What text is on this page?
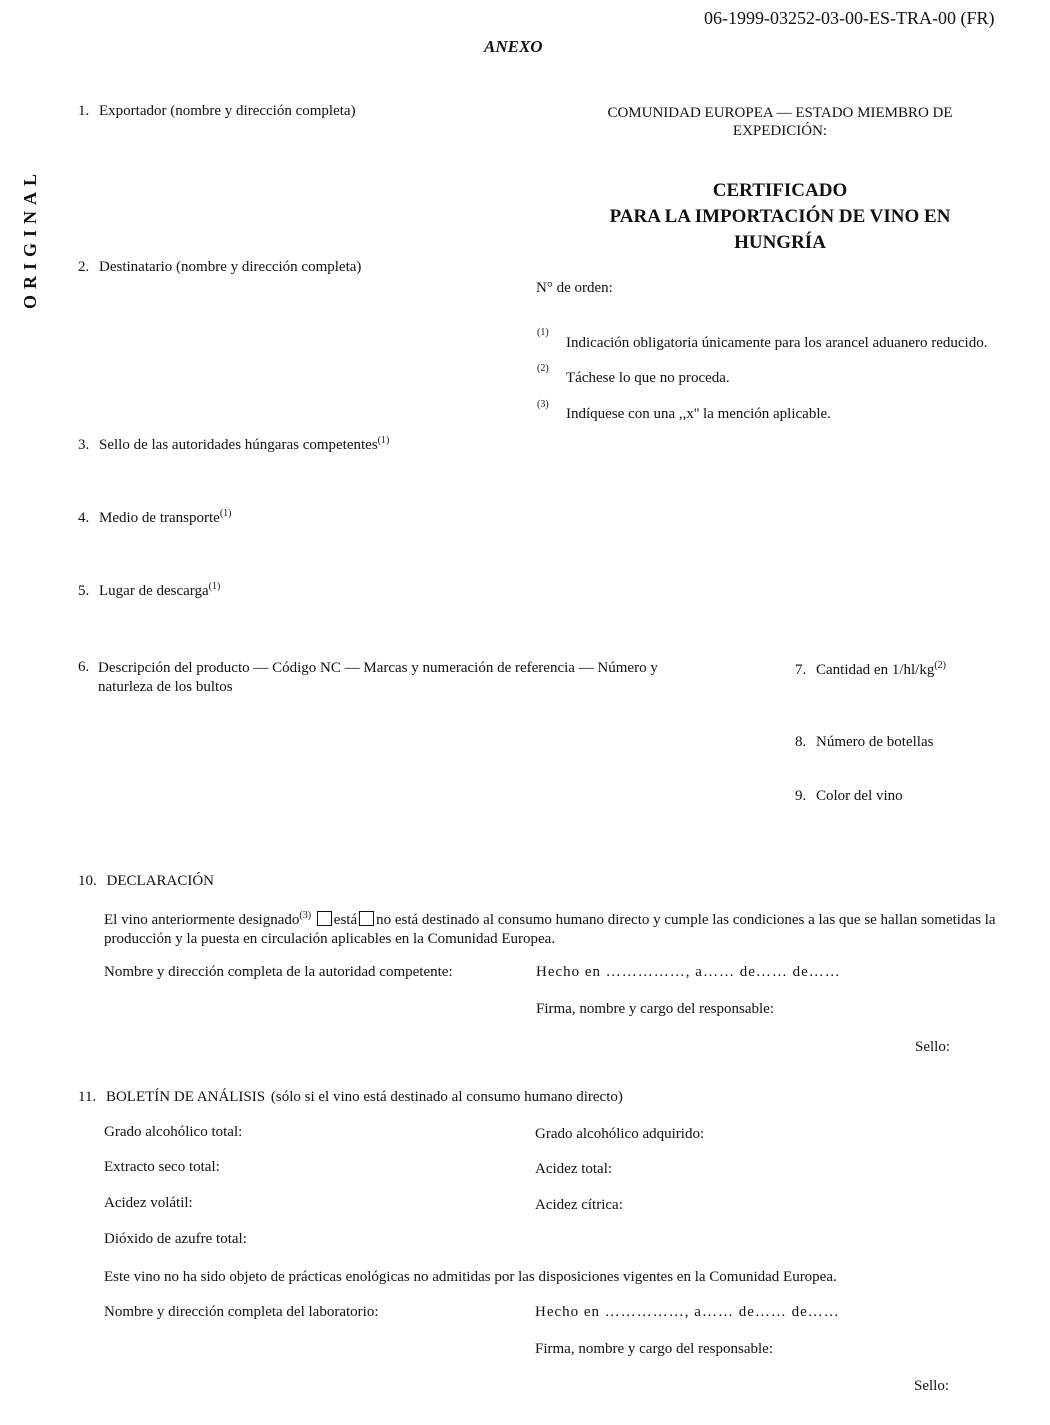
06-1999-03252-03-00-ES-TRA-00 (FR)
ANEXO
ORIGINAL
COMUNIDAD EUROPEA — ESTADO MIEMBRO DE EXPEDICIÓN:
CERTIFICADO
PARA LA IMPORTACIÓN DE VINO EN
HUNGRÍA
N° de orden:
(1)
Indicación obligatoria únicamente para los arancel aduanero reducido.
(2)
Táchese lo que no proceda.
(3)
Indíquese con una ,,x'' la mención aplicable.
1. Exportador (nombre y dirección completa)
2. Destinatario (nombre y dirección completa)
3. Sello de las autoridades húngaras competentes$^{(1)}$
4. Medio de transporte$^{(1)}$
5. Lugar de descarga$^{(1)}$
6. Descripción del producto — Código NC — Marcas y numeración de referencia — Número y naturleza de los bultos
7. Cantidad en $1/hl/kg^{(2)}$
8. Número de botellas
9. Color del vino
10. DECLARACIÓN
El vino anteriormente designado$^{(3)}$ está no está destinado al consumo humano directo y cumple las condiciones a las que se hallan sometidas la producción y la puesta en circulación aplicables en la Comunidad Europea.
Nombre y dirección completa de la autoridad competente:	Hecho en ……………, a…… de…… de……
Firma, nombre y cargo del responsable:
Sello:
11. BOLETÍN DE ANÁLISIS (sólo si el vino está destinado al consumo humano directo)
Grado alcohólico total:	Grado alcohólico adquirido:
Extracto seco total:	Acidez total:
Acidez volátil:	Acidez cítrica:
Dióxido de azufre total:
Este vino no ha sido objeto de prácticas enológicas no admitidas por las disposiciones vigentes en la Comunidad Europea.
Nombre y dirección completa del laboratorio:	Hecho en ……………, a…… de…… de……
Firma, nombre y cargo del responsable:
Sello:
